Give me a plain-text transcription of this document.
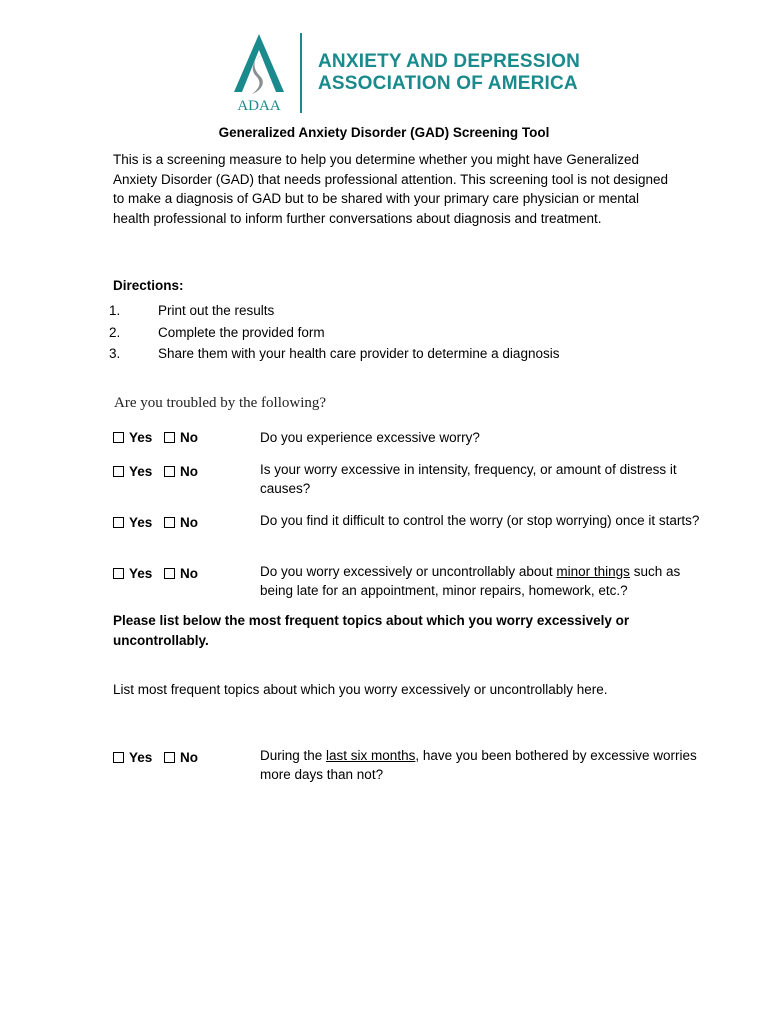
ADAA
ANXIETY AND DEPRESSION
ASSOCIATION OF AMERICA
Generalized Anxiety Disorder (GAD) Screening Tool
This is a screening measure to help you determine whether you might have Generalized Anxiety Disorder (GAD) that needs professional attention. This screening tool is not designed to make a diagnosis of GAD but to be shared with your primary care physician or mental health professional to inform further conversations about diagnosis and treatment.
Directions:
1.	Print out the results
2.	Complete the provided form
3.	Share them with your health care provider to determine a diagnosis
Are you troubled by the following?
Yes	No	Do you experience excessive worry?
Yes	No	Is your worry excessive in intensity, frequency, or amount of distress it causes?
Yes	No	Do you find it difficult to control the worry (or stop worrying) once it starts?
Yes	No	Do you worry excessively or uncontrollably about minor things such as being late for an appointment, minor repairs, homework, etc.?
Please list below the most frequent topics about which you worry excessively or uncontrollably.
List most frequent topics about which you worry excessively or uncontrollably here.
Yes	No	During the last six months, have you been bothered by excessive worries more days than not?
